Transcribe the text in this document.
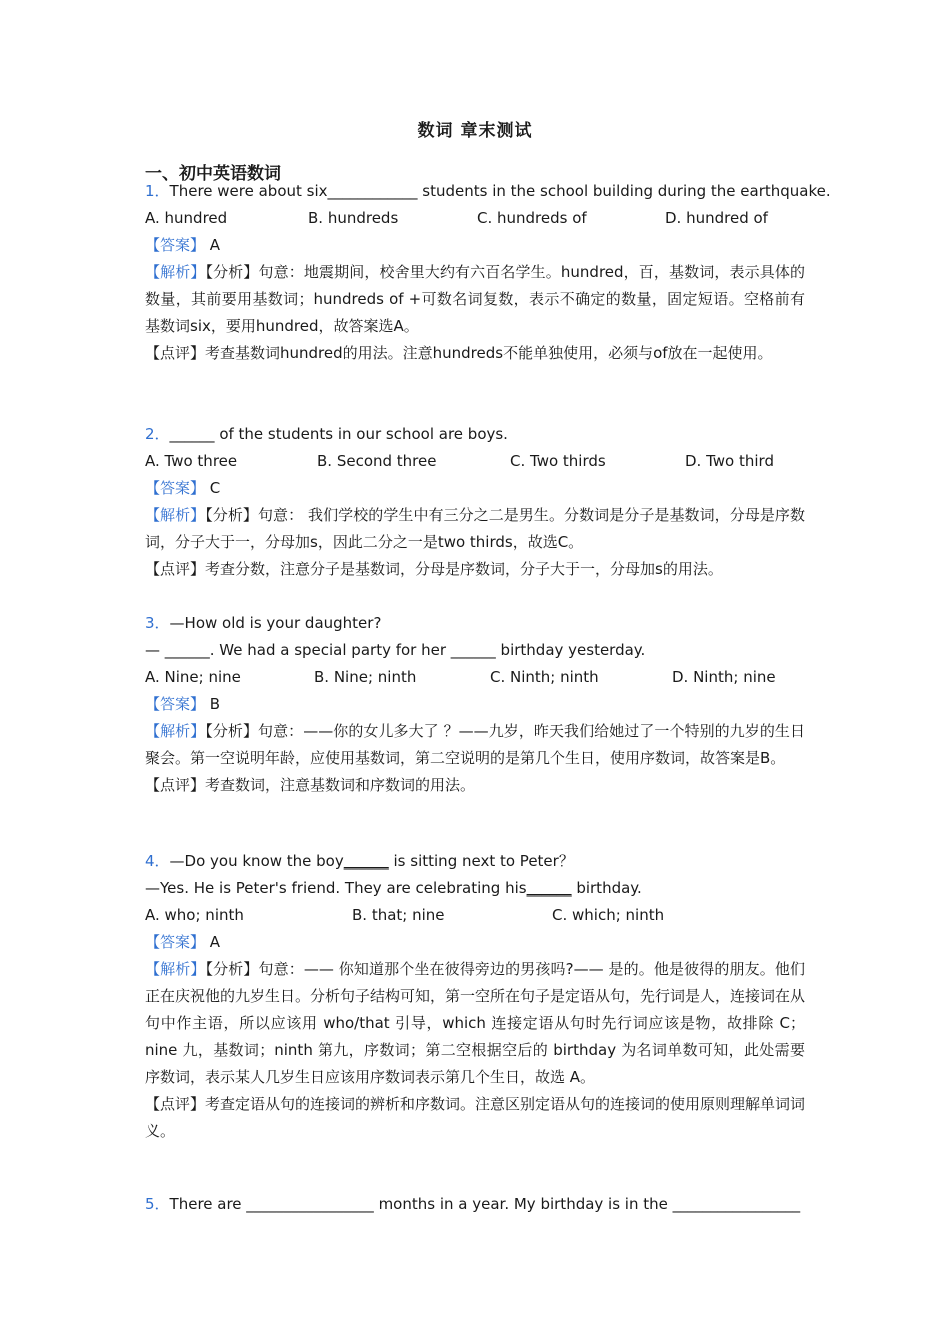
数词 章末测试
一、初中英语数词
1．There were about six____________ students in the school building during the earthquake.
A. hundred	B. hundreds	C. hundreds of	D. hundred of
【答案】 A
【解析】【分析】句意：地震期间，校舍里大约有六百名学生。hundred，百，基数词，表示具体的数量，其前要用基数词；hundreds of +可数名词复数，表示不确定的数量，固定短语。空格前有基数词six，要用hundred，故答案选A。
【点评】考查基数词hundred的用法。注意hundreds不能单独使用，必须与of放在一起使用。
2．______ of the students in our school are boys.
A. Two three	B. Second three	C. Two thirds	D. Two third
【答案】 C
【解析】【分析】句意： 我们学校的学生中有三分之二是男生。分数词是分子是基数词，分母是序数词，分子大于一，分母加s，因此二分之一是two thirds，故选C。
【点评】考查分数，注意分子是基数词，分母是序数词，分子大于一，分母加s的用法。
3．—How old is your daughter?
— ______. We had a special party for her ______ birthday yesterday.
A. Nine; nine	B. Nine; ninth	C. Ninth; ninth	D. Ninth; nine
【答案】 B
【解析】【分析】句意：——你的女儿多大了 ？——九岁，昨天我们给她过了一个特别的九岁的生日聚会。第一空说明年龄，应使用基数词，第二空说明的是第几个生日，使用序数词，故答案是B。
【点评】考查数词，注意基数词和序数词的用法。
4．—Do you know the boy______ is sitting next to Peter？
—Yes. He is Peter's friend. They are celebrating his______ birthday.
A. who; ninth	B. that; nine	C. which; ninth
【答案】 A
【解析】【分析】句意：—— 你知道那个坐在彼得旁边的男孩吗?—— 是的。他是彼得的朋友。他们正在庆祝他的九岁生日。分析句子结构可知，第一空所在句子是定语从句，先行词是人，连接词在从句中作主语，所以应该用 who/that 引导，which 连接定语从句时先行词应该是物，故排除 C；nine 九，基数词；ninth 第九，序数词；第二空根据空后的 birthday 为名词单数可知，此处需要序数词，表示某人几岁生日应该用序数词表示第几个生日，故选 A。
【点评】考查定语从句的连接词的辨析和序数词。注意区别定语从句的连接词的使用原则理解单词词义。
5．There are _________________ months in a year. My birthday is in the _________________
